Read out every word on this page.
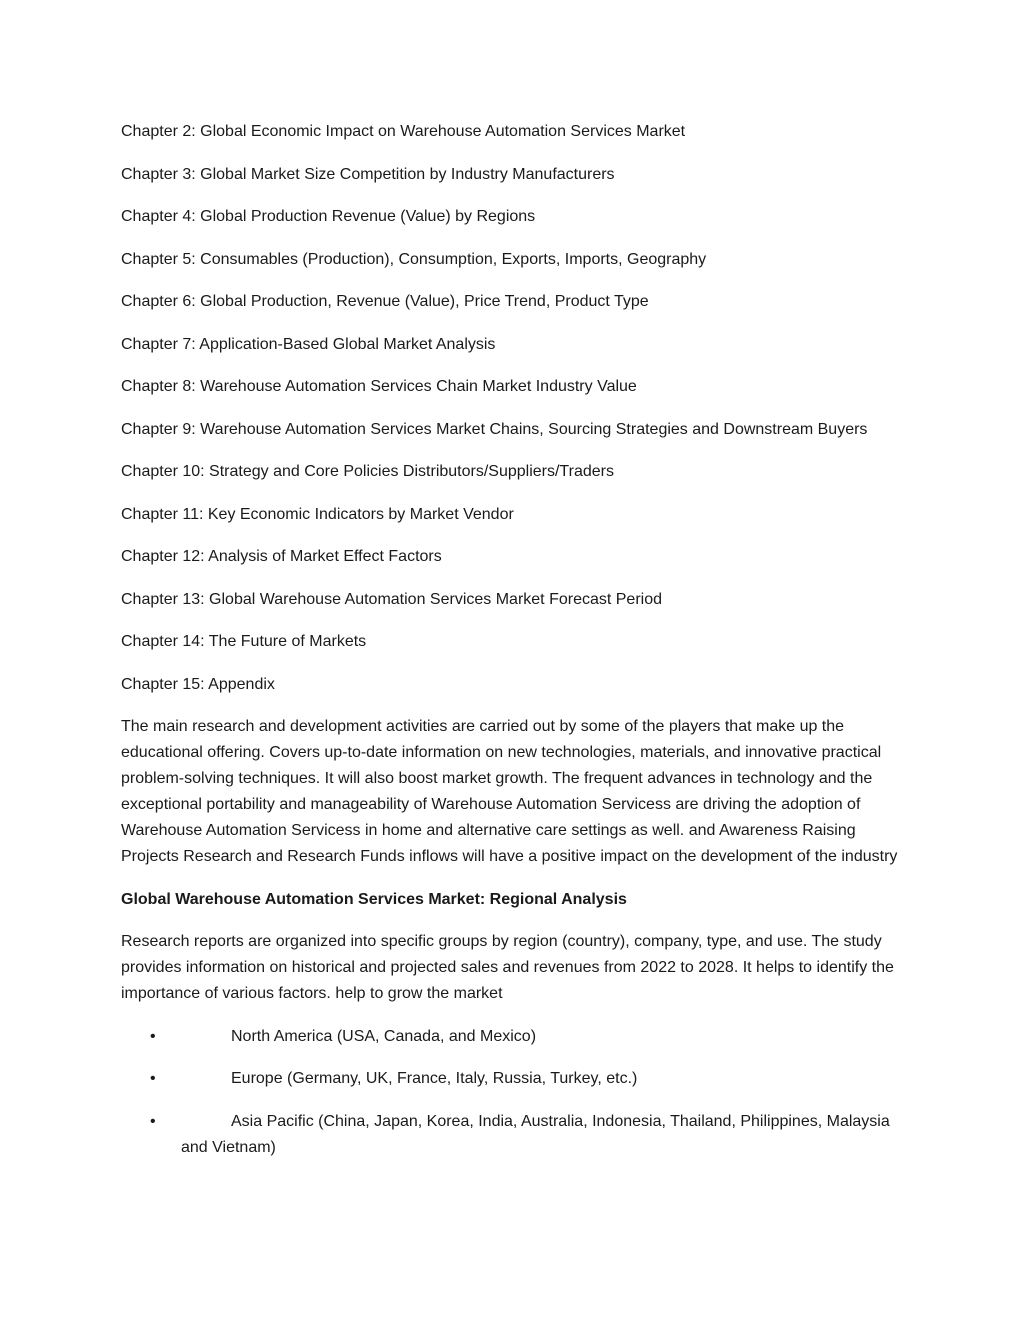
Chapter 2: Global Economic Impact on Warehouse Automation Services Market

Chapter 3: Global Market Size Competition by Industry Manufacturers

Chapter 4: Global Production Revenue (Value) by Regions

Chapter 5: Consumables (Production), Consumption, Exports, Imports, Geography

Chapter 6: Global Production, Revenue (Value), Price Trend, Product Type

Chapter 7: Application-Based Global Market Analysis

Chapter 8: Warehouse Automation Services Chain Market Industry Value

Chapter 9: Warehouse Automation Services Market Chains, Sourcing Strategies and Downstream Buyers

Chapter 10: Strategy and Core Policies Distributors/Suppliers/Traders

Chapter 11: Key Economic Indicators by Market Vendor

Chapter 12: Analysis of Market Effect Factors

Chapter 13: Global Warehouse Automation Services Market Forecast Period

Chapter 14: The Future of Markets

Chapter 15: Appendix

The main research and development activities are carried out by some of the players that make up the educational offering. Covers up-to-date information on new technologies, materials, and innovative practical problem-solving techniques. It will also boost market growth. The frequent advances in technology and the exceptional portability and manageability of Warehouse Automation Servicess are driving the adoption of Warehouse Automation Servicess in home and alternative care settings as well. and Awareness Raising Projects Research and Research Funds inflows will have a positive impact on the development of the industry

Global Warehouse Automation Services Market: Regional Analysis

Research reports are organized into specific groups by region (country), company, type, and use. The study provides information on historical and projected sales and revenues from 2022 to 2028. It helps to identify the importance of various factors. help to grow the market

•	North America (USA, Canada, and Mexico)
•	Europe (Germany, UK, France, Italy, Russia, Turkey, etc.)
•	Asia Pacific (China, Japan, Korea, India, Australia, Indonesia, Thailand, Philippines, Malaysia and Vietnam)
